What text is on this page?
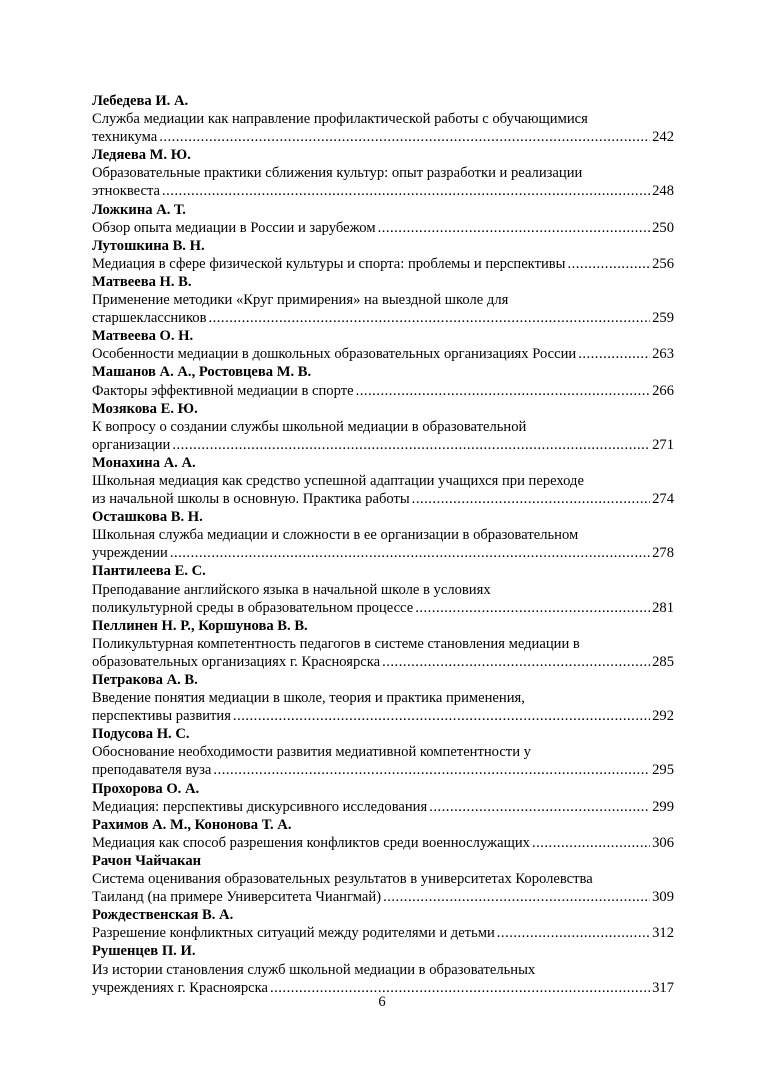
Лебедева И. А.
Служба медиации как направление профилактической работы с обучающимися
техникума .....	242
Ледяева М. Ю.
Образовательные практики сближения культур: опыт разработки и реализации
этноквеста .....	248
Ложкина А. Т.
Обзор опыта медиации в России и зарубежом .....	250
Лутошкина В. Н.
Медиация в сфере физической культуры и спорта: проблемы и перспективы .....	256
Матвеева Н. В.
Применение методики «Круг примирения» на выездной школе для
старшеклассников .....	259
Матвеева О. Н.
Особенности медиации в дошкольных образовательных организациях России .....	263
Машанов А. А., Ростовцева М. В.
Факторы эффективной медиации в спорте .....	266
Мозякова Е. Ю.
К вопросу о создании службы школьной медиации в образовательной
организации .....	271
Монахина А. А.
Школьная медиация как средство успешной адаптации учащихся при переходе
из начальной школы в основную. Практика работы .....	274
Осташкова В. Н.
Школьная служба медиации и сложности в ее организации в образовательном
учреждении .....	278
Пантилеева Е. С.
Преподавание английского языка в начальной школе в условиях
поликультурной среды в образовательном процессе .....	281
Пеллинен Н. Р., Коршунова В. В.
Поликультурная компетентность педагогов в системе становления медиации в
образовательных организациях г. Красноярска .....	285
Петракова А. В.
Введение понятия медиации в школе, теория и практика применения,
перспективы развития .....	292
Подусова Н. С.
Обоснование необходимости развития медиативной компетентности у
преподавателя вуза .....	295
Прохорова О. А.
Медиация: перспективы дискурсивного исследования .....	299
Рахимов А. М., Кононова Т. А.
Медиация как способ разрешения конфликтов среди военнослужащих .....	306
Рачон Чайчакан
Система оценивания образовательных результатов в университетах Королевства
Таиланд (на примере Университета Чиангмай) .....	309
Рождественская В. А.
Разрешение конфликтных ситуаций между родителями и детьми .....	312
Рушенцев П. И.
Из истории становления служб школьной медиации в образовательных
учреждениях г. Красноярска .....	317
6
